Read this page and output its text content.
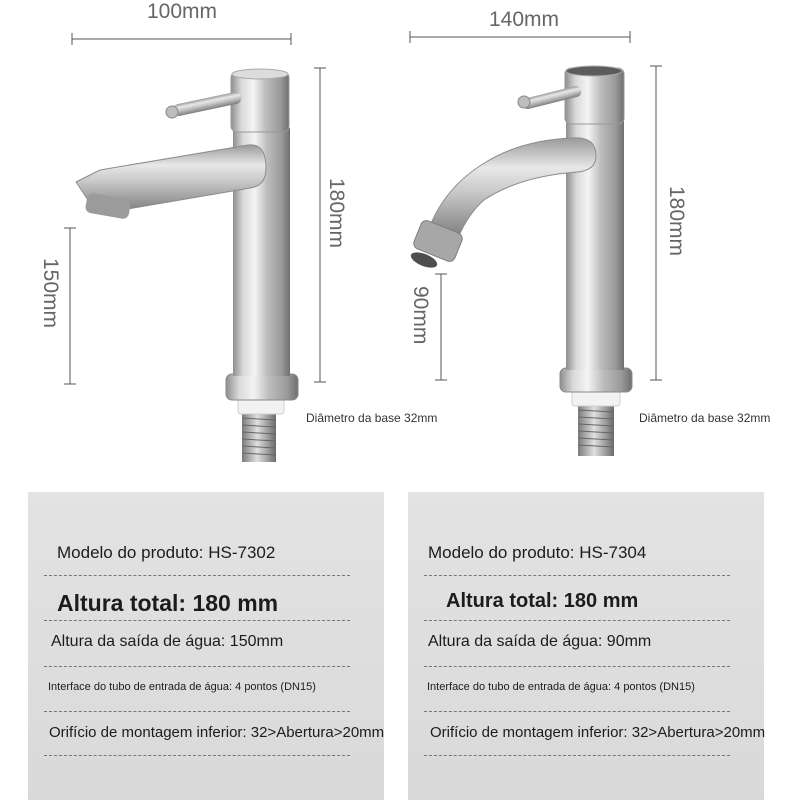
100mm
180mm
150mm
Diâmetro da base 32mm
140mm
180mm
90mm
Diâmetro da base 32mm
Modelo do produto: HS-7302
Altura total: 180 mm
Altura da saída de água: 150mm
Interface do tubo de entrada de água: 4 pontos (DN15)
Orifício de montagem inferior: 32>Abertura>20mm
Modelo do produto: HS-7304
Altura total: 180 mm
Altura da saída de água: 90mm
Interface do tubo de entrada de água: 4 pontos (DN15)
Orifício de montagem inferior: 32>Abertura>20mm
